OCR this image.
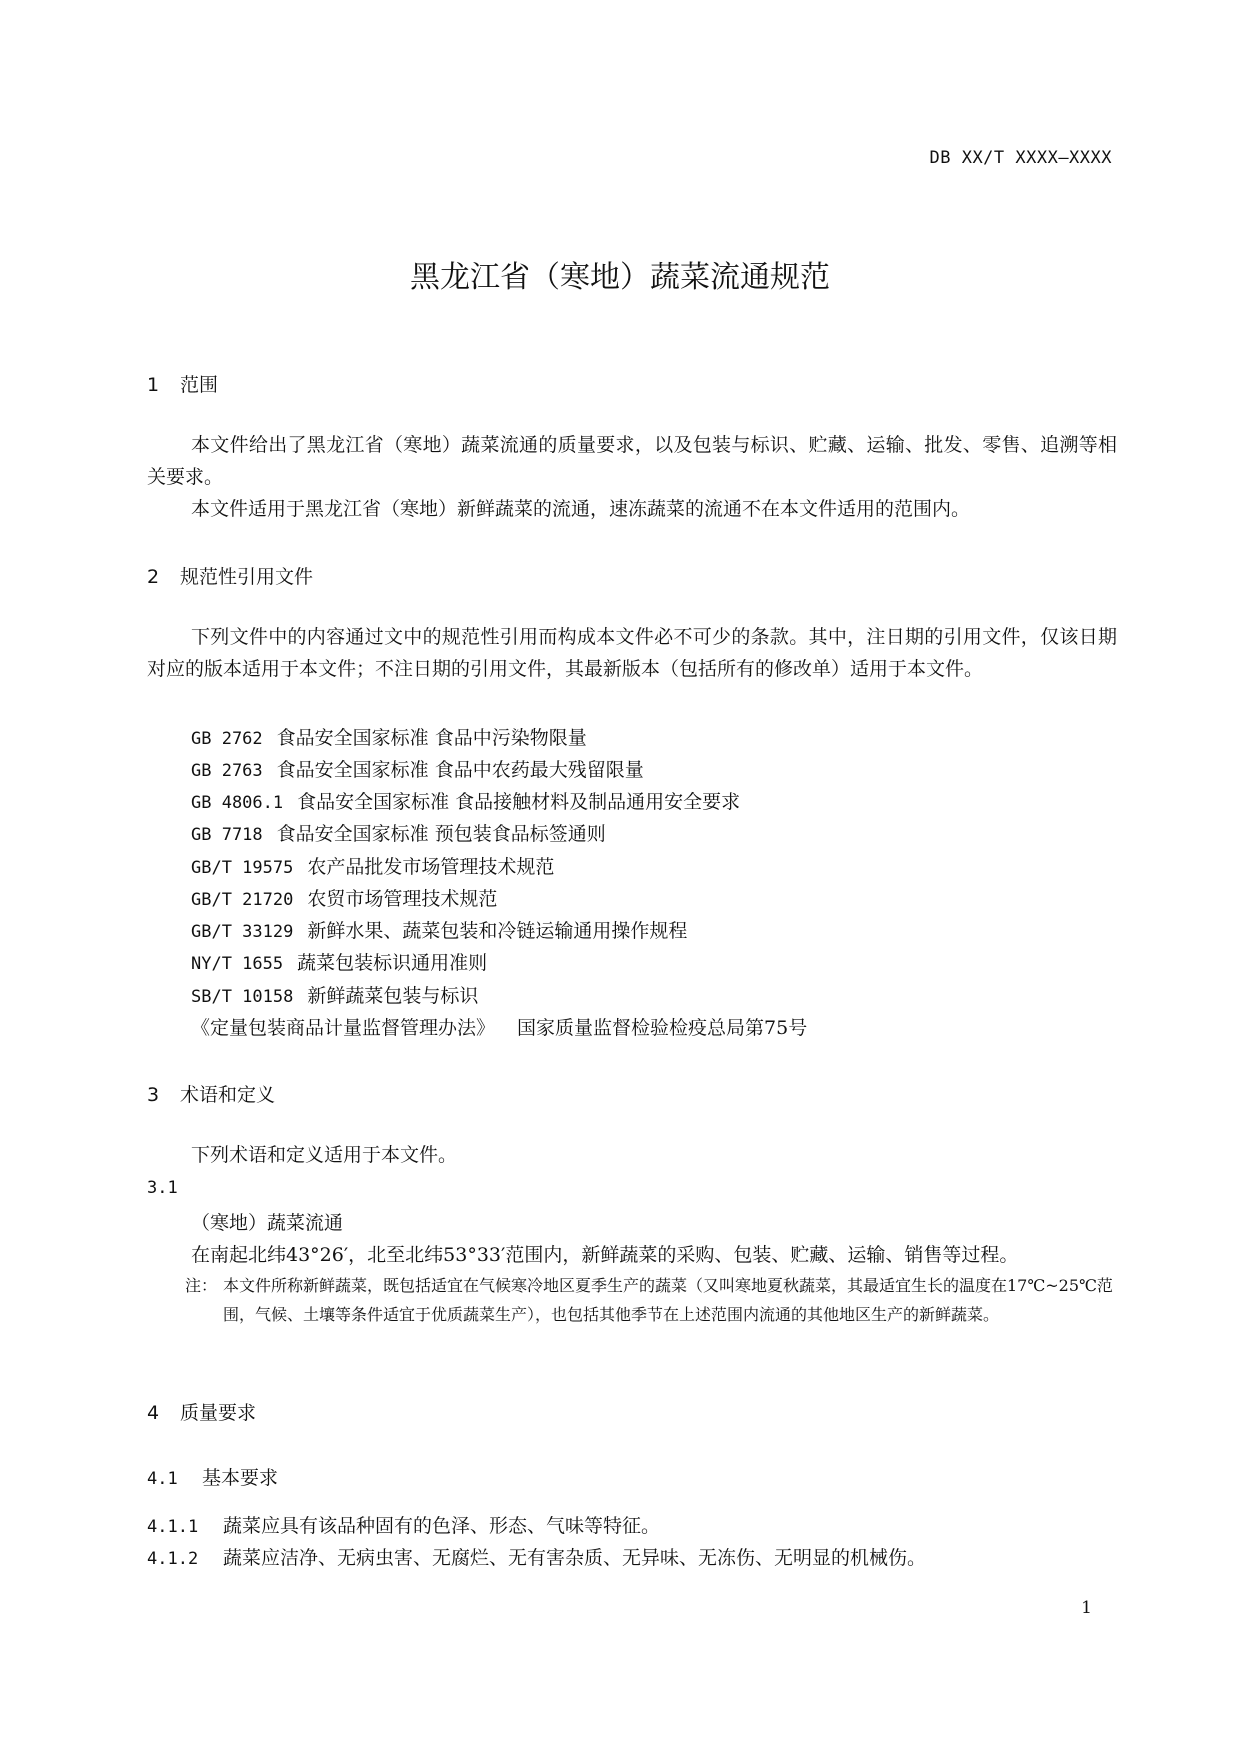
DB XX/T XXXX—XXXX
黑龙江省（寒地）蔬菜流通规范
1 范围
本文件给出了黑龙江省（寒地）蔬菜流通的质量要求，以及包装与标识、贮藏、运输、批发、零售、追溯等相关要求。
本文件适用于黑龙江省（寒地）新鲜蔬菜的流通，速冻蔬菜的流通不在本文件适用的范围内。
2 规范性引用文件
下列文件中的内容通过文中的规范性引用而构成本文件必不可少的条款。其中，注日期的引用文件，仅该日期对应的版本适用于本文件；不注日期的引用文件，其最新版本（包括所有的修改单）适用于本文件。
GB 2762 食品安全国家标准 食品中污染物限量
GB 2763 食品安全国家标准 食品中农药最大残留限量
GB 4806.1 食品安全国家标准 食品接触材料及制品通用安全要求
GB 7718 食品安全国家标准 预包装食品标签通则
GB/T 19575 农产品批发市场管理技术规范
GB/T 21720 农贸市场管理技术规范
GB/T 33129 新鲜水果、蔬菜包装和冷链运输通用操作规程
NY/T 1655 蔬菜包装标识通用准则
SB/T 10158 新鲜蔬菜包装与标识
《定量包装商品计量监督管理办法》 国家质量监督检验检疫总局第75号
3 术语和定义
下列术语和定义适用于本文件。
3.1
（寒地）蔬菜流通
在南起北纬43°26′，北至北纬53°33′范围内，新鲜蔬菜的采购、包装、贮藏、运输、销售等过程。
注： 本文件所称新鲜蔬菜，既包括适宜在气候寒冷地区夏季生产的蔬菜（又叫寒地夏秋蔬菜，其最适宜生长的温度在17℃~25℃范围，气候、土壤等条件适宜于优质蔬菜生产），也包括其他季节在上述范围内流通的其他地区生产的新鲜蔬菜。
4 质量要求
4.1 基本要求
4.1.1 蔬菜应具有该品种固有的色泽、形态、气味等特征。
4.1.2 蔬菜应洁净、无病虫害、无腐烂、无有害杂质、无异味、无冻伤、无明显的机械伤。
1
